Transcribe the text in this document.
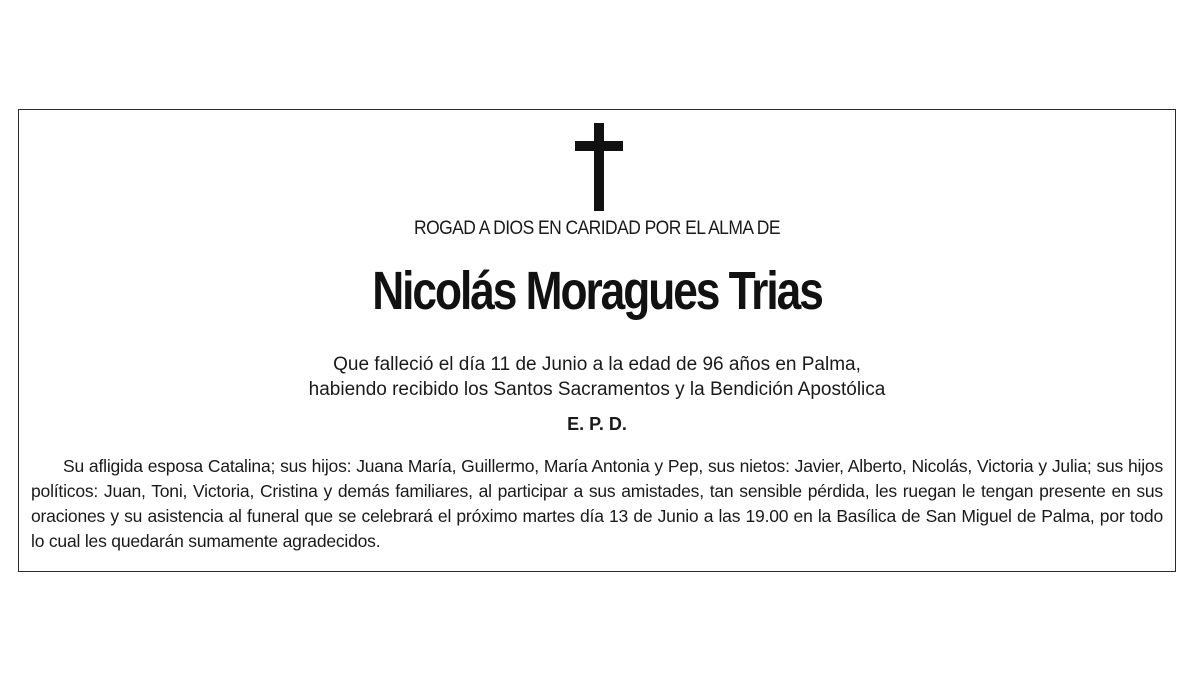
ROGAD A DIOS EN CARIDAD POR EL ALMA DE
Nicolás Moragues Trias
Que falleció el día 11 de Junio a la edad de 96 años en Palma,
habiendo recibido los Santos Sacramentos y la Bendición Apostólica
E. P. D.
Su afligida esposa Catalina; sus hijos: Juana María, Guillermo, María Antonia y Pep, sus nietos: Javier, Alberto, Nicolás, Victoria y Julia; sus hijos políticos: Juan, Toni, Victoria, Cristina y demás familiares, al participar a sus amistades, tan sensible pérdida, les ruegan le tengan presente en sus oraciones y su asistencia al funeral que se celebrará el próximo martes día 13 de Junio a las 19.00 en la Basílica de San Miguel de Palma, por todo lo cual les quedarán sumamente agradecidos.
